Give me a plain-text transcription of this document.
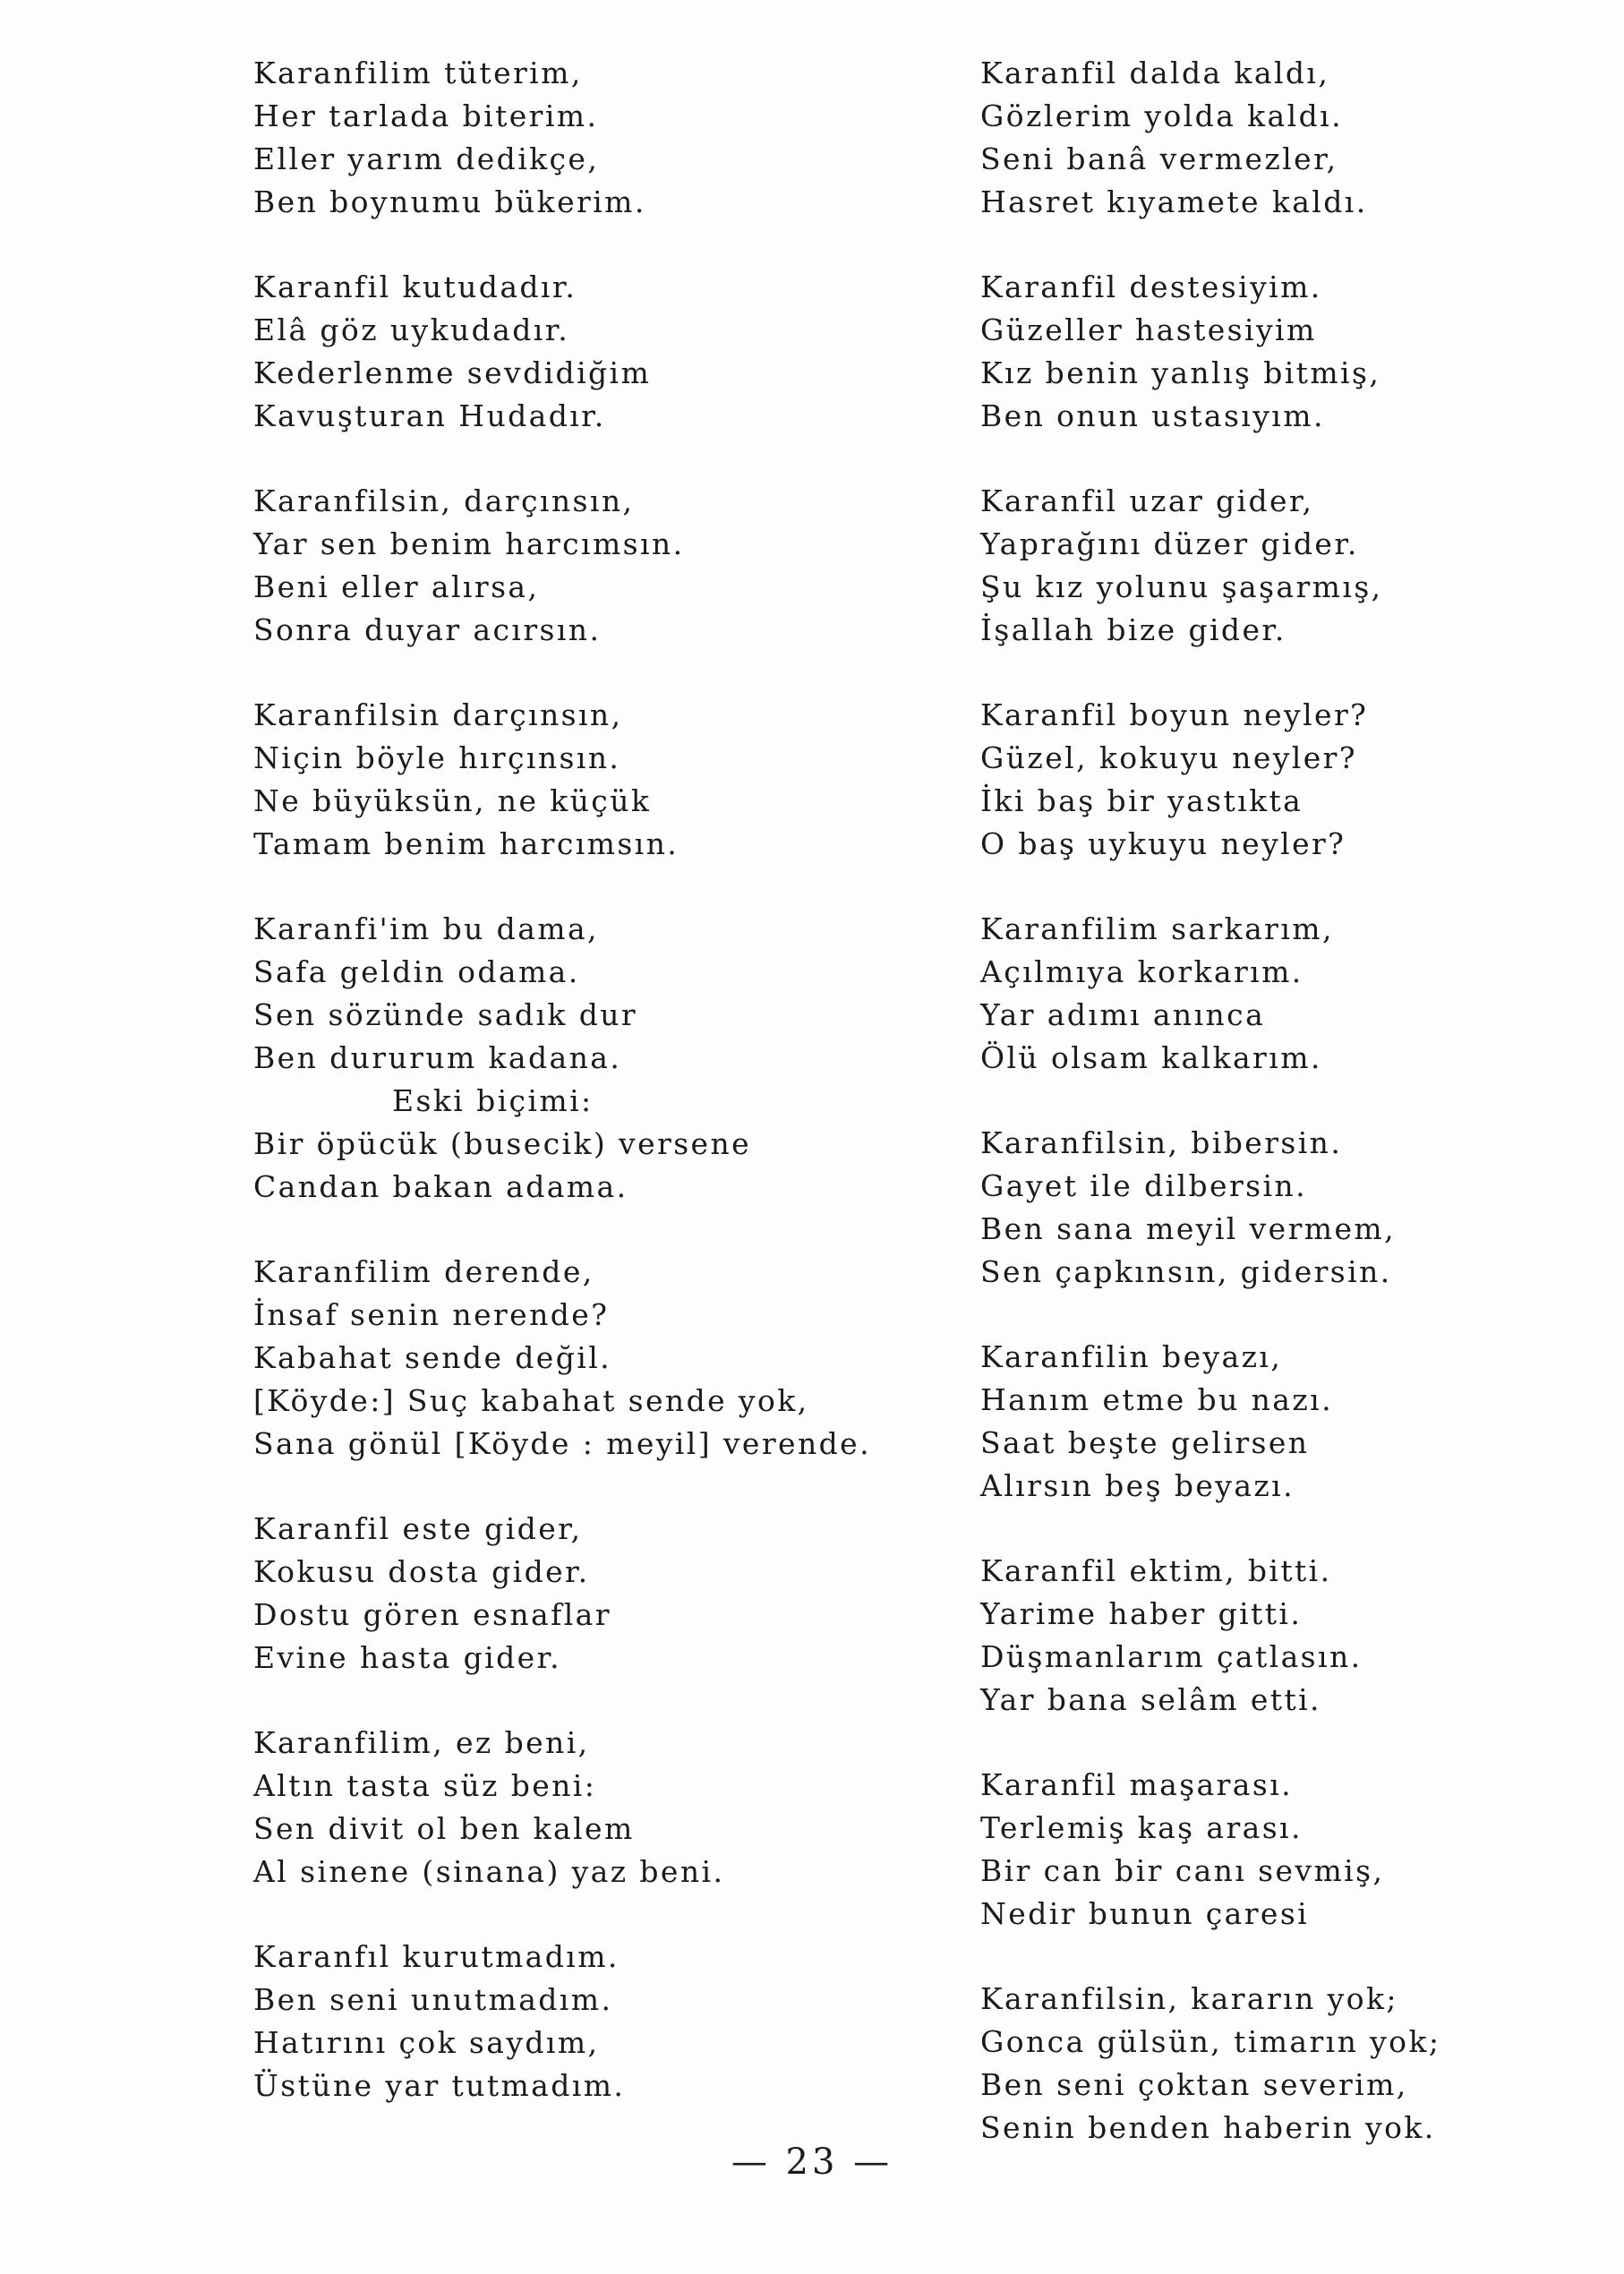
Karanfilim tüterim,
Her tarlada biterim.
Eller yarım dedikçe,
Ben boynumu bükerim.
Karanfil kutudadır.
Elâ göz uykudadır.
Kederlenme sevdidiğim
Kavuşturan Hudadır.
Karanfilsin, darçınsın,
Yar sen benim harcımsın.
Beni eller alırsa,
Sonra duyar acırsın.
Karanfilsin darçınsın,
Niçin böyle hırçınsın.
Ne büyüksün, ne küçük
Tamam benim harcımsın.
Karanfi'im bu dama,
Safa geldin odama.
Sen sözünde sadık dur
Ben dururum kadana.
Eski biçimi:
Bir öpücük (busecik) versene
Candan bakan adama.
Karanfilim derende,
İnsaf senin nerende?
Kabahat sende değil.
[Köyde:] Suç kabahat sende yok,
Sana gönül [Köyde : meyil] verende.
Karanfil este gider,
Kokusu dosta gider.
Dostu gören esnaflar
Evine hasta gider.
Karanfilim, ez beni,
Altın tasta süz beni:
Sen divit ol ben kalem
Al sinene (sinana) yaz beni.
Karanfıl kurutmadım.
Ben seni unutmadım.
Hatırını çok saydım,
Üstüne yar tutmadım.
Karanfil dalda kaldı,
Gözlerim yolda kaldı.
Seni banâ vermezler,
Hasret kıyamete kaldı.
Karanfil destesiyim.
Güzeller hastesiyim
Kız benin yanlış bitmiş,
Ben onun ustasıyım.
Karanfil uzar gider,
Yaprağını düzer gider.
Şu kız yolunu şaşarmış,
İşallah bize gider.
Karanfil boyun neyler?
Güzel, kokuyu neyler?
İki baş bir yastıkta
O baş uykuyu neyler?
Karanfilim sarkarım,
Açılmıya korkarım.
Yar adımı anınca
Ölü olsam kalkarım.
Karanfilsin, bibersin.
Gayet ile dilbersin.
Ben sana meyil vermem,
Sen çapkınsın, gidersin.
Karanfilin beyazı,
Hanım etme bu nazı.
Saat beşte gelirsen
Alırsın beş beyazı.
Karanfil ektim, bitti.
Yarime haber gitti.
Düşmanlarım çatlasın.
Yar bana selâm etti.
Karanfil maşarası.
Terlemiş kaş arası.
Bir can bir canı sevmiş,
Nedir bunun çaresi
Karanfilsin, kararın yok;
Gonca gülsün, timarın yok;
Ben seni çoktan severim,
Senin benden haberin yok.
— 23 —
